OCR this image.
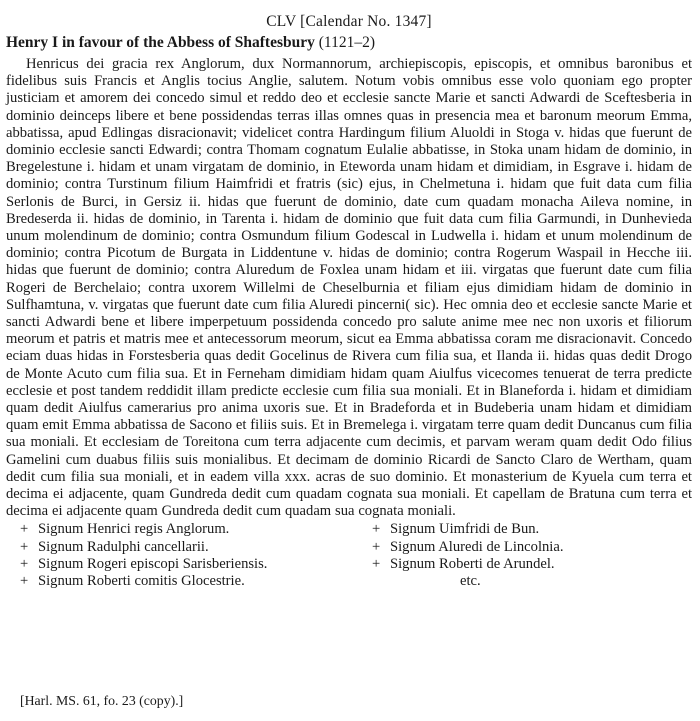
CLV [Calendar No. 1347]
Henry I in favour of the Abbess of Shaftesbury (1121–2)

Henricus dei gracia rex Anglorum, dux Normannorum, archiepiscopis, episcopis, et omnibus baronibus et fidelibus suis Francis et Anglis tocius Anglie, salutem. Notum vobis omnibus esse volo quoniam ego propter justiciam et amorem dei concedo simul et reddo deo et ecclesie sancte Marie et sancti Adwardi de Sceftesberia in dominio deinceps libere et bene possidendas terras illas omnes quas in presencia mea et baronum meorum Emma, abbatissa, apud Edlingas disracionavit; videlicet contra Hardingum filium Aluoldi in Stoga v. hidas que fuerunt de dominio ecclesie sancti Edwardi; contra Thomam cognatum Eulalie abbatisse, in Stoka unam hidam de dominio, in Bregelestune i. hidam et unam virgatam de dominio, in Eteworda unam hidam et dimidiam, in Esgrave i. hidam de dominio; contra Turstinum filium Haimfridi et fratris (sic) ejus, in Chelmetuna i. hidam que fuit data cum filia Serlonis de Burci, in Gersiz ii. hidas que fuerunt de dominio, date cum quadam monacha Aileva nomine, in Bredeserda ii. hidas de dominio, in Tarenta i. hidam de dominio que fuit data cum filia Garmundi, in Dunhevieda unum molendinum de dominio; contra Osmundum filium Godescal in Ludwella i. hidam et unum molendinum de dominio; contra Picotum de Burgata in Liddentune v. hidas de dominio; contra Rogerum Waspail in Hecche iii. hidas que fuerunt de dominio; contra Aluredum de Foxlea unam hidam et iii. virgatas que fuerunt date cum filia Rogeri de Berchelaio; contra uxorem Willelmi de Cheselburnia et filiam ejus dimidiam hidam de dominio in Sulfhamtuna, v. virgatas que fuerunt date cum filia Aluredi pincerni( sic). Hec omnia deo et ecclesie sancte Marie et sancti Adwardi bene et libere imperpetuum possidenda concedo pro salute anime mee nec non uxoris et filiorum meorum et patris et matris mee et antecessorum meorum, sicut ea Emma abbatissa coram me disracionavit. Concedo eciam duas hidas in Forstesberia quas dedit Gocelinus de Rivera cum filia sua, et Ilanda ii. hidas quas dedit Drogo de Monte Acuto cum filia sua. Et in Ferneham dimidiam hidam quam Aiulfus vicecomes tenuerat de terra predicte ecclesie et post tandem reddidit illam predicte ecclesie cum filia sua moniali. Et in Blaneforda i. hidam et dimidiam quam dedit Aiulfus camerarius pro anima uxoris sue. Et in Bradeforda et in Budeberia unam hidam et dimidiam quam emit Emma abbatissa de Sacono et filiis suis. Et in Bremelega i. virgatam terre quam dedit Duncanus cum filia sua moniali. Et ecclesiam de Toreitona cum terra adjacente cum decimis, et parvam weram quam dedit Odo filius Gamelini cum duabus filiis suis monialibus. Et decimam de dominio Ricardi de Sancto Claro de Wertham, quam dedit cum filia sua moniali, et in eadem villa xxx. acras de suo dominio. Et monasterium de Kyuela cum terra et decima ei adjacente, quam Gundreda dedit cum quadam cognata sua moniali. Et capellam de Bratuna cum terra et decima ei adjacente quam Gundreda dedit cum quadam sua cognata moniali.

+ Signum Henrici regis Anglorum.
+ Signum Radulphi cancellarii.
+ Signum Rogeri episcopi Sarisberiensis.
+ Signum Roberti comitis Glocestrie.
+ Signum Uimfridi de Bun.
+ Signum Aluredi de Lincolnia.
+ Signum Roberti de Arundel.
etc.
[Harl. MS. 61, fo. 23 (copy).]
